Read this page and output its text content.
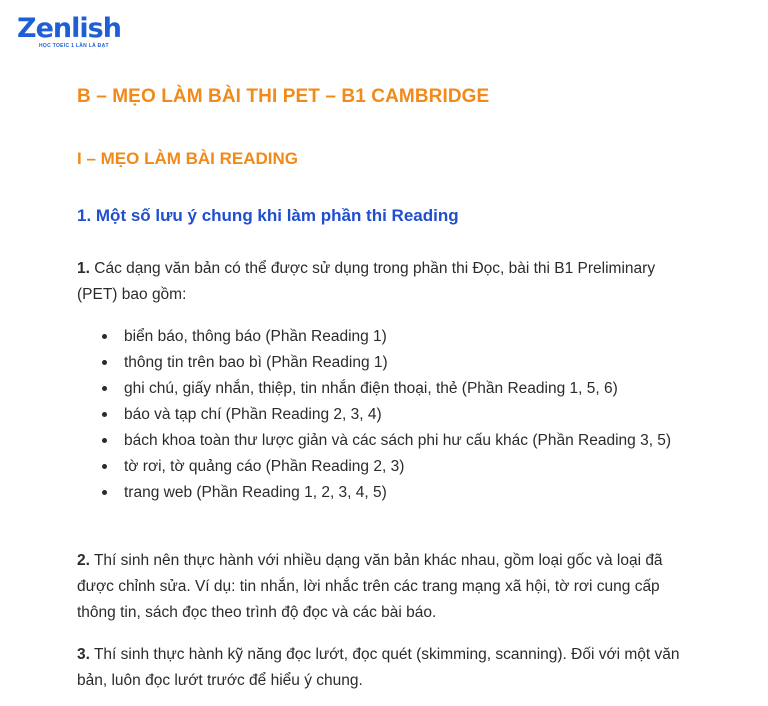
Zenlish
HỌC TOEIC 1 LẦN LÀ ĐẠT
B – MẸO LÀM BÀI THI PET – B1 CAMBRIDGE
I – MẸO LÀM BÀI READING
1. Một số lưu ý chung khi làm phần thi Reading

1. Các dạng văn bản có thể được sử dụng trong phần thi Đọc, bài thi B1 Preliminary (PET) bao gồm:

biển báo, thông báo (Phần Reading 1)
thông tin trên bao bì (Phần Reading 1)
ghi chú, giấy nhắn, thiệp, tin nhắn điện thoại, thẻ (Phần Reading 1, 5, 6)
báo và tạp chí (Phần Reading 2, 3, 4)
bách khoa toàn thư lược giản và các sách phi hư cấu khác (Phần Reading 3, 5)
tờ rơi, tờ quảng cáo (Phần Reading 2, 3)
trang web (Phần Reading 1, 2, 3, 4, 5)

2. Thí sinh nên thực hành với nhiều dạng văn bản khác nhau, gồm loại gốc và loại đã được chỉnh sửa. Ví dụ: tin nhắn, lời nhắc trên các trang mạng xã hội, tờ rơi cung cấp thông tin, sách đọc theo trình độ đọc và các bài báo.

3. Thí sinh thực hành kỹ năng đọc lướt, đọc quét (skimming, scanning). Đối với một văn bản, luôn đọc lướt trước để hiểu ý chung.
